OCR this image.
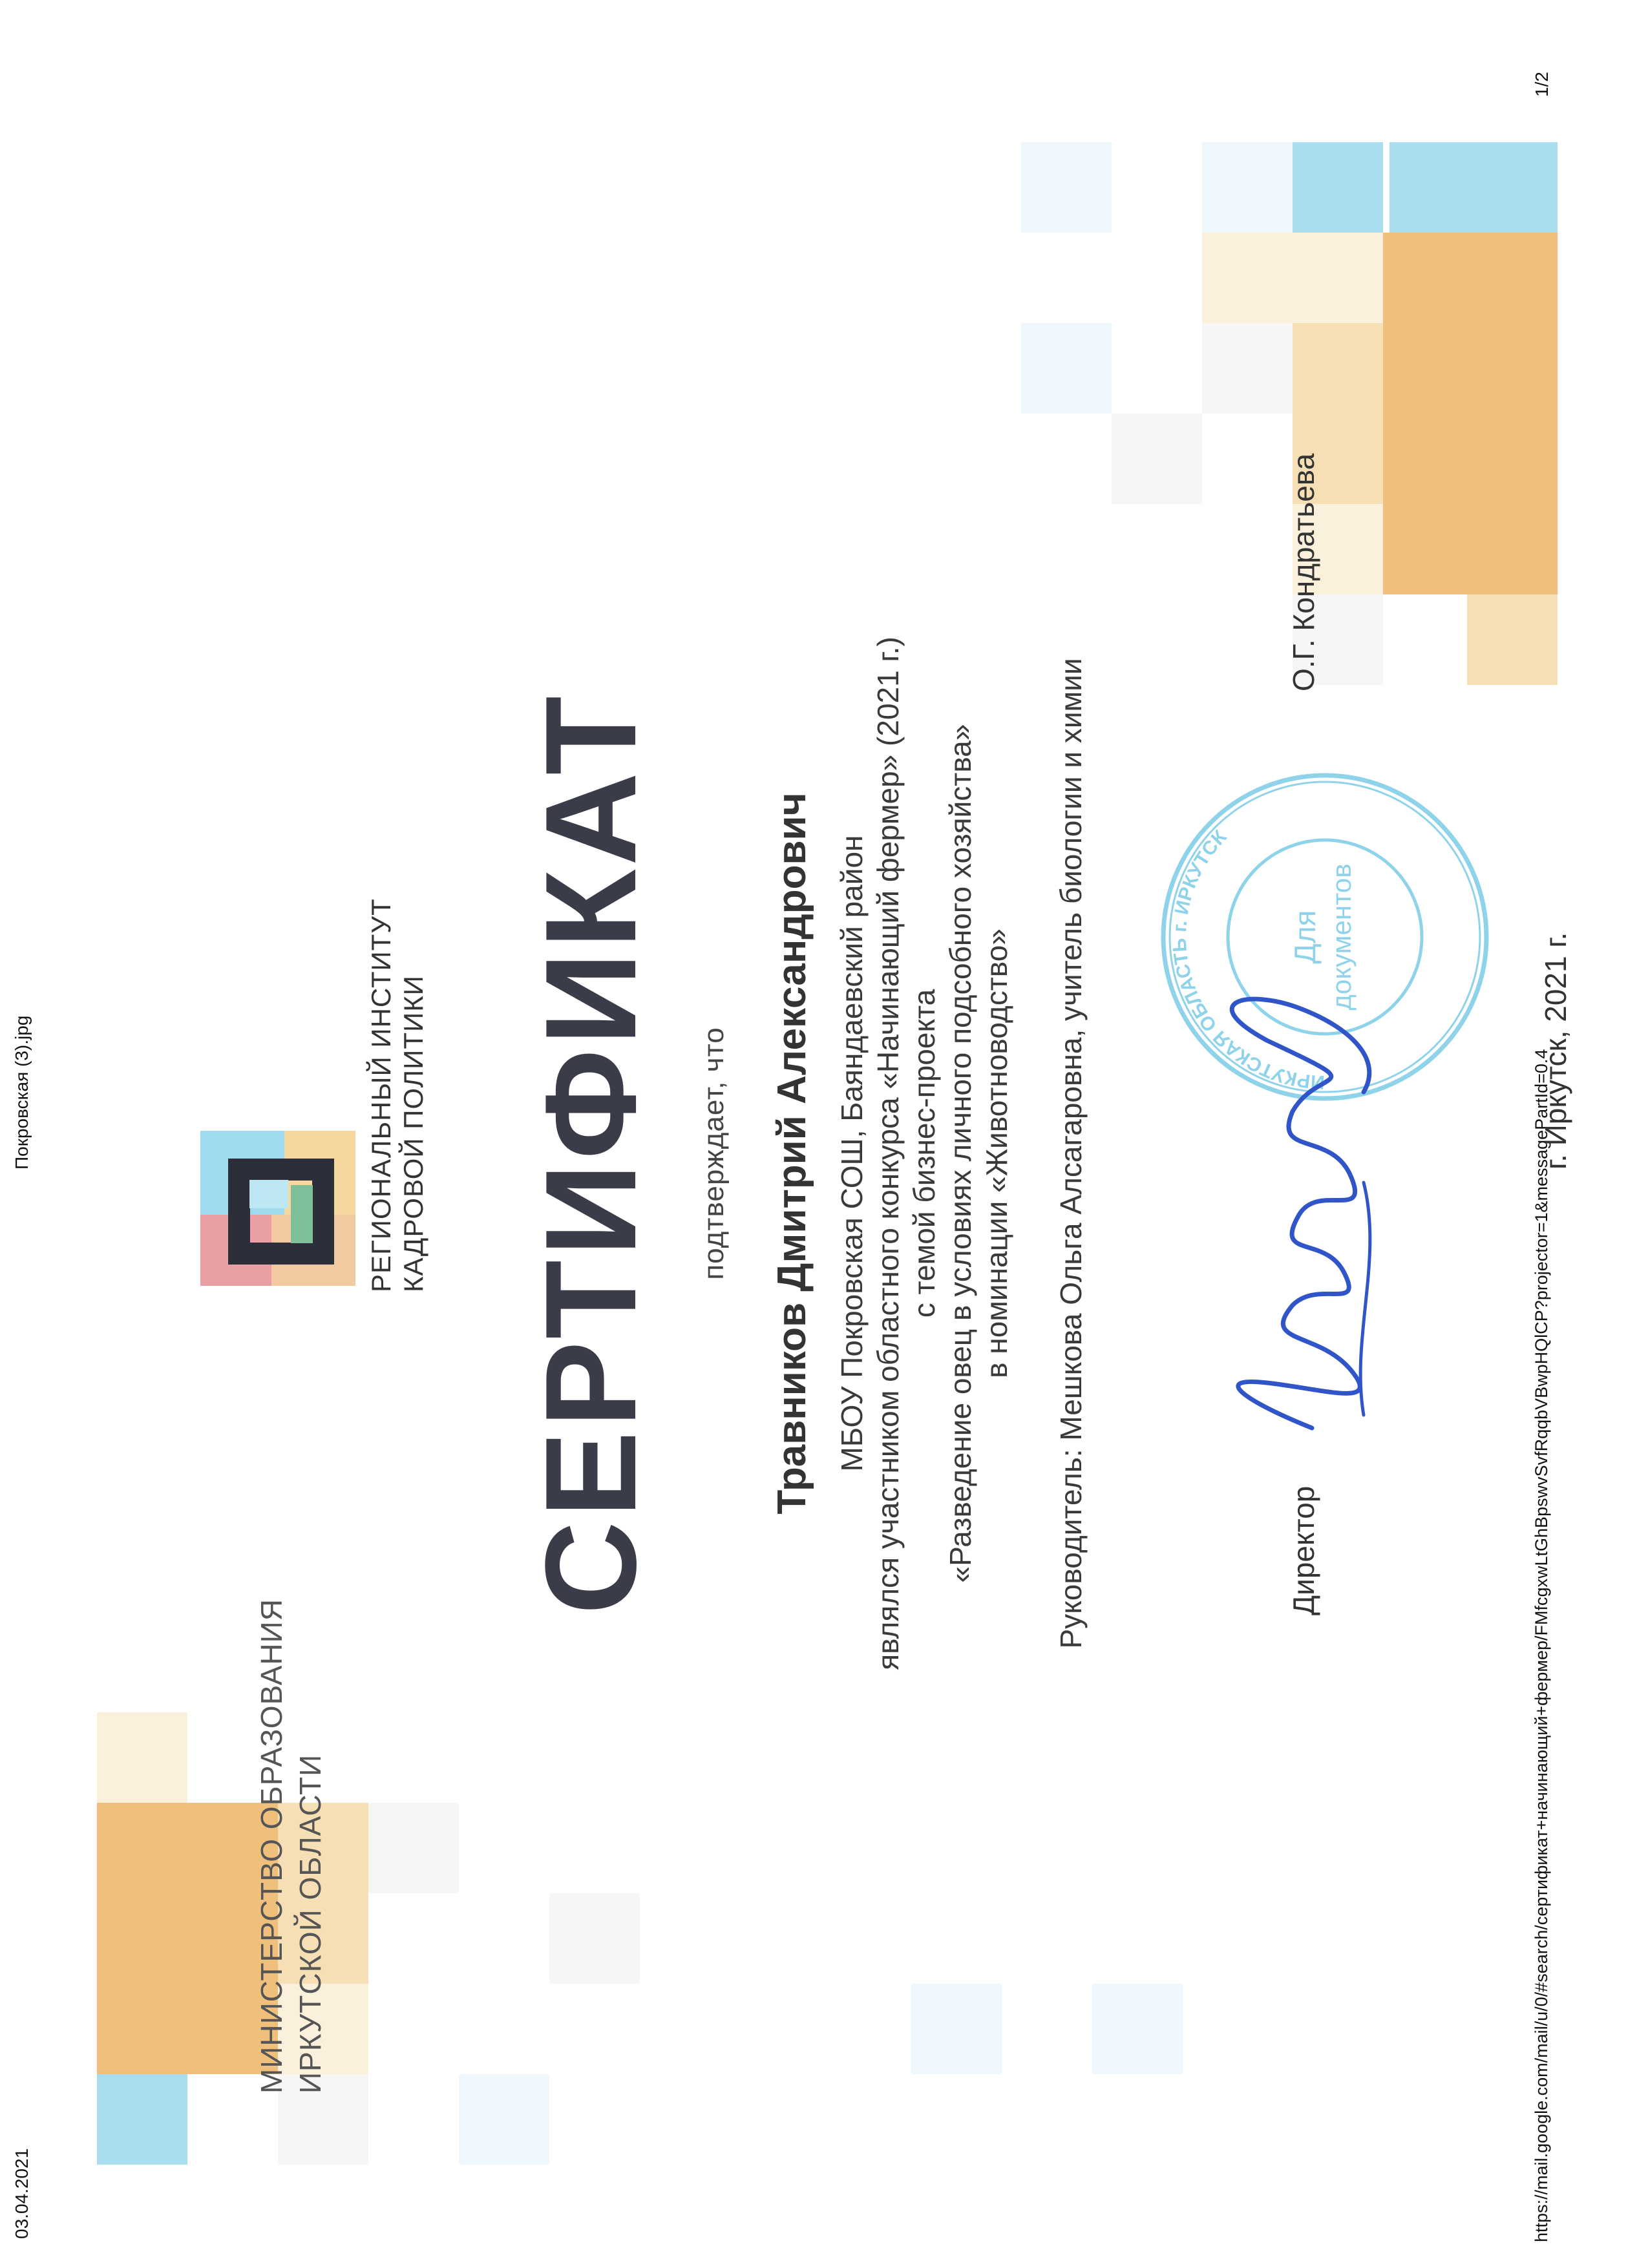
03.04.2021
Покровская (3).jpg
1/2
https://mail.google.com/mail/u/0/#search/сертификат+начинающий+фермер/FMfcgxwLtGhBpswvSvfRqqbVBwpHQlCP?projector=1&messagePartId=0.4
МИНИСТЕРСТВО ОБРАЗОВАНИЯ ИРКУТСКОЙ ОБЛАСТИ
РЕГИОНАЛЬНЫЙ ИНСТИТУТ КАДРОВОЙ ПОЛИТИКИ СЕРТИФИКАТ подтверждает, что Травников Дмитрий Александрович МБОУ Покровская СОШ, Баяндаевский район являлся участником областного конкурса «Начинающий фермер» (2021 г.) с темой бизнес-проекта «Разведение овец в условиях личного подсобного хозяйства» в номинации «Животноводство» Руководитель: Мешкова Ольга Алсагаровна, учитель биологии и химии	ИРКУТСКАЯ ОБЛАСТЬ г. ИРКУТСК
Для документов
Директор
О.Г. Кондратьева
г. Иркутск, 2021 г.
